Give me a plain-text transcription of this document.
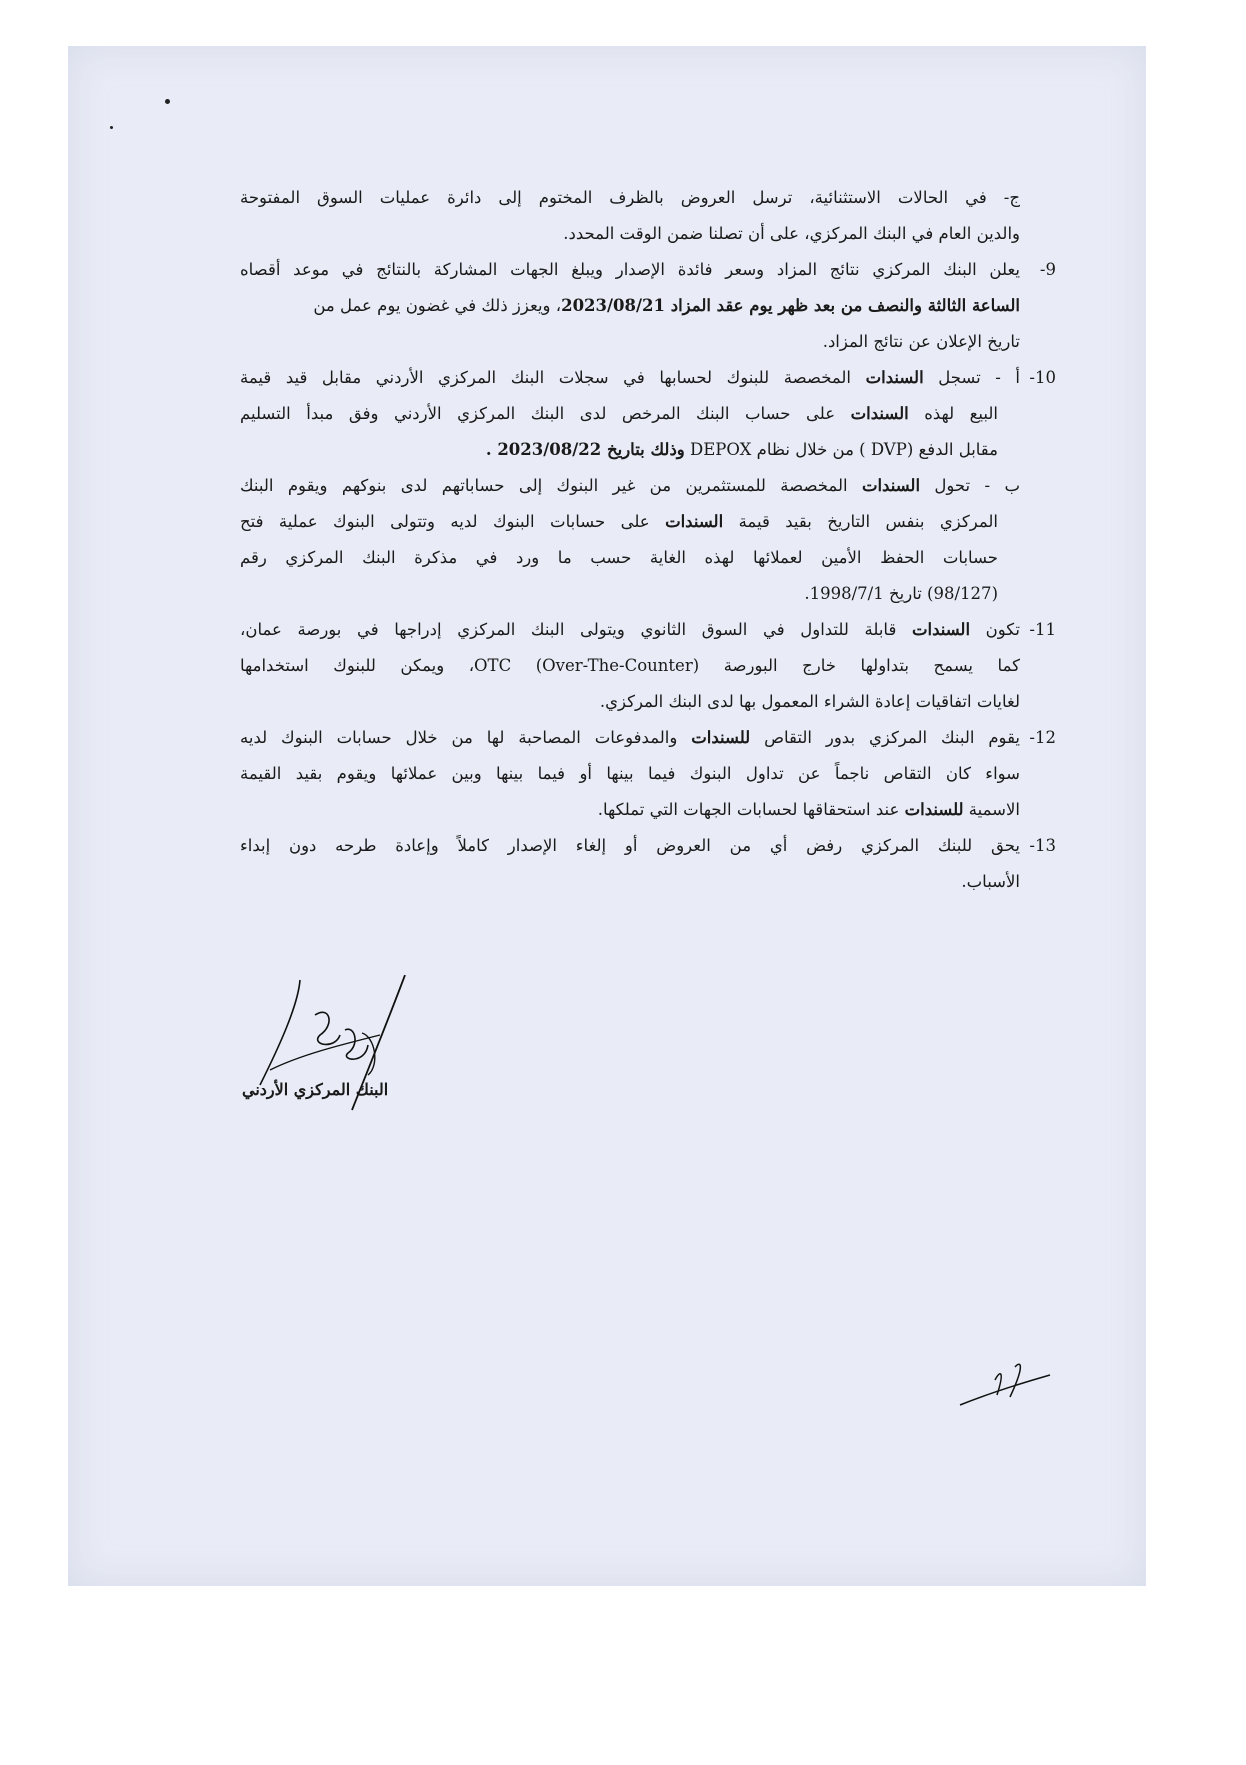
ج- في الحالات الاستثنائية، ترسل العروض بالظرف المختوم إلى دائرة عمليات السوق المفتوحة
والدين العام في البنك المركزي، على أن تصلنا ضمن الوقت المحدد.
9-
يعلن البنك المركزي نتائج المزاد وسعر فائدة الإصدار ويبلغ الجهات المشاركة بالنتائج في موعد أقصاه
الساعة الثالثة والنصف من بعد ظهر يوم عقد المزاد 2023/08/21، ويعزز ذلك في غضون يوم عمل من
تاريخ الإعلان عن نتائج المزاد.
10-
أ - تسجل السندات المخصصة للبنوك لحسابها في سجلات البنك المركزي الأردني مقابل قيد قيمة
البيع لهذه السندات على حساب البنك المرخص لدى البنك المركزي الأردني وفق مبدأ التسليم
مقابل الدفع (DVP ) من خلال نظام DEPOX وذلك بتاريخ 2023/08/22 .
ب - تحول السندات المخصصة للمستثمرين من غير البنوك إلى حساباتهم لدى بنوكهم ويقوم البنك
المركزي بنفس التاريخ بقيد قيمة السندات على حسابات البنوك لديه وتتولى البنوك عملية فتح
حسابات الحفظ الأمين لعملائها لهذه الغاية حسب ما ورد في مذكرة البنك المركزي رقم
(98/127) تاريخ 1998/7/1.
11-
تكون السندات قابلة للتداول في السوق الثانوي ويتولى البنك المركزي إدراجها في بورصة عمان،
كما يسمح بتداولها خارج البورصة OTC (Over-The-Counter)، ويمكن للبنوك استخدامها
لغايات اتفاقيات إعادة الشراء المعمول بها لدى البنك المركزي.
12-
يقوم البنك المركزي بدور التقاص للسندات والمدفوعات المصاحبة لها من خلال حسابات البنوك لديه
سواء كان التقاص ناجماً عن تداول البنوك فيما بينها أو فيما بينها وبين عملائها ويقوم بقيد القيمة
الاسمية للسندات عند استحقاقها لحسابات الجهات التي تملكها.
13-
يحق للبنك المركزي رفض أي من العروض أو إلغاء الإصدار كاملاً وإعادة طرحه دون إبداء
الأسباب.
البنك المركزي الأردني
